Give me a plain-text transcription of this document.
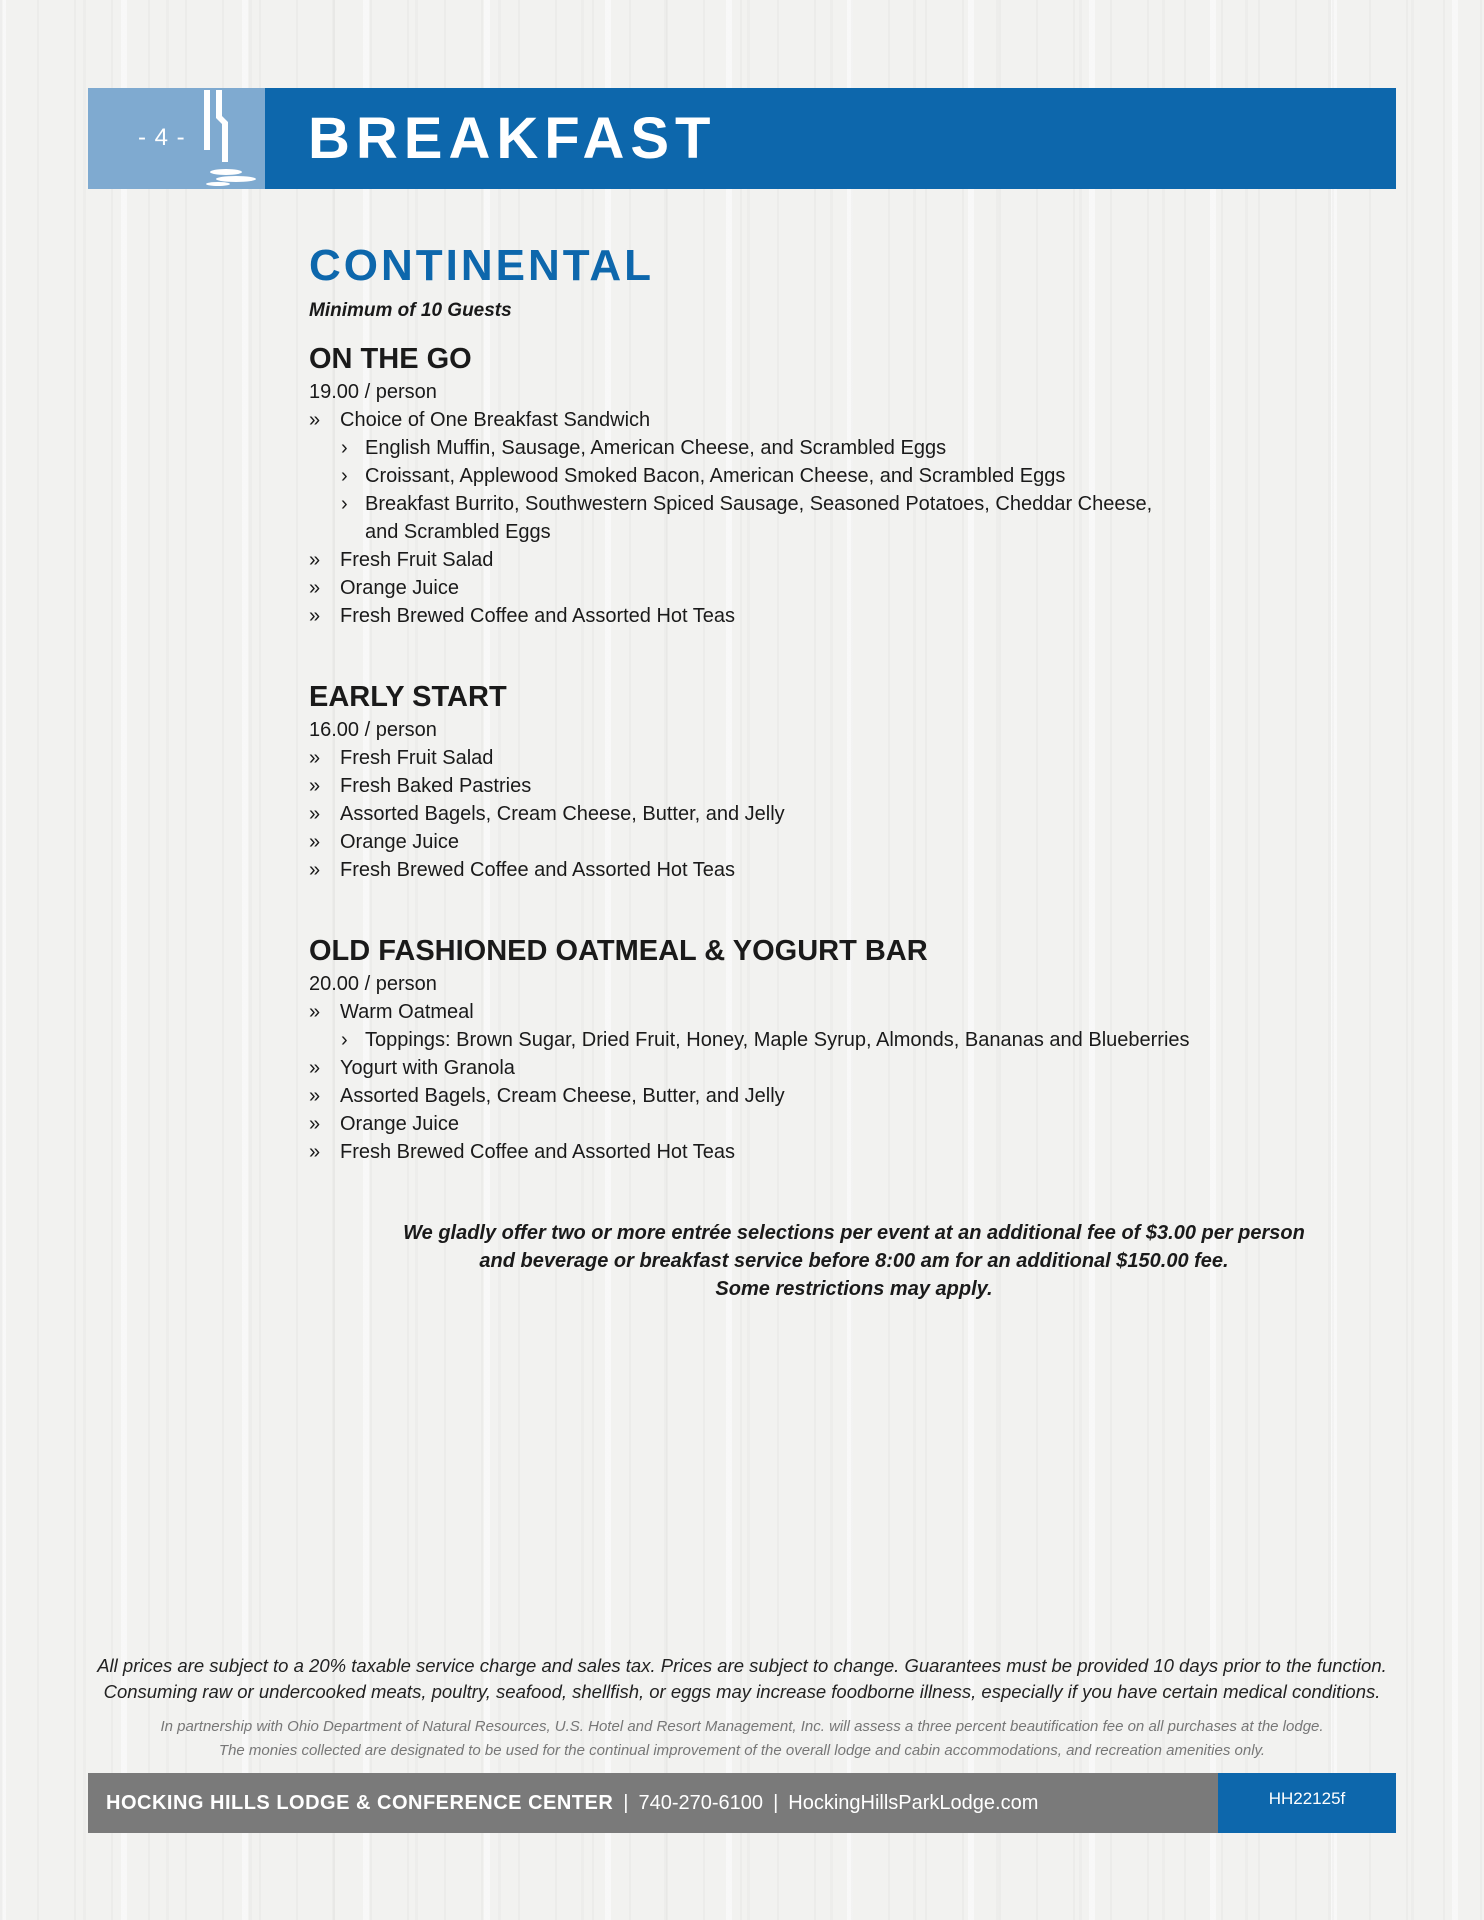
- 4 - BREAKFAST
CONTINENTAL
Minimum of 10 Guests
ON THE GO
19.00 / person
» Choice of One Breakfast Sandwich
› English Muffin, Sausage, American Cheese, and Scrambled Eggs
› Croissant, Applewood Smoked Bacon, American Cheese, and Scrambled Eggs
› Breakfast Burrito, Southwestern Spiced Sausage, Seasoned Potatoes, Cheddar Cheese,
and Scrambled Eggs
» Fresh Fruit Salad
» Orange Juice
» Fresh Brewed Coffee and Assorted Hot Teas
EARLY START
16.00 / person
» Fresh Fruit Salad
» Fresh Baked Pastries
» Assorted Bagels, Cream Cheese, Butter, and Jelly
» Orange Juice
» Fresh Brewed Coffee and Assorted Hot Teas
OLD FASHIONED OATMEAL & YOGURT BAR
20.00 / person
» Warm Oatmeal
› Toppings: Brown Sugar, Dried Fruit, Honey, Maple Syrup, Almonds, Bananas and Blueberries
» Yogurt with Granola
» Assorted Bagels, Cream Cheese, Butter, and Jelly
» Orange Juice
» Fresh Brewed Coffee and Assorted Hot Teas
We gladly offer two or more entrée selections per event at an additional fee of $3.00 per person
and beverage or breakfast service before 8:00 am for an additional $150.00 fee.
Some restrictions may apply.
All prices are subject to a 20% taxable service charge and sales tax. Prices are subject to change. Guarantees must be provided 10 days prior to the function.
Consuming raw or undercooked meats, poultry, seafood, shellfish, or eggs may increase foodborne illness, especially if you have certain medical conditions.
In partnership with Ohio Department of Natural Resources, U.S. Hotel and Resort Management, Inc. will assess a three percent beautification fee on all purchases at the lodge.
The monies collected are designated to be used for the continual improvement of the overall lodge and cabin accommodations, and recreation amenities only.
HOCKING HILLS LODGE & CONFERENCE CENTER | 740-270-6100 | HockingHillsParkLodge.com	HH22125f
